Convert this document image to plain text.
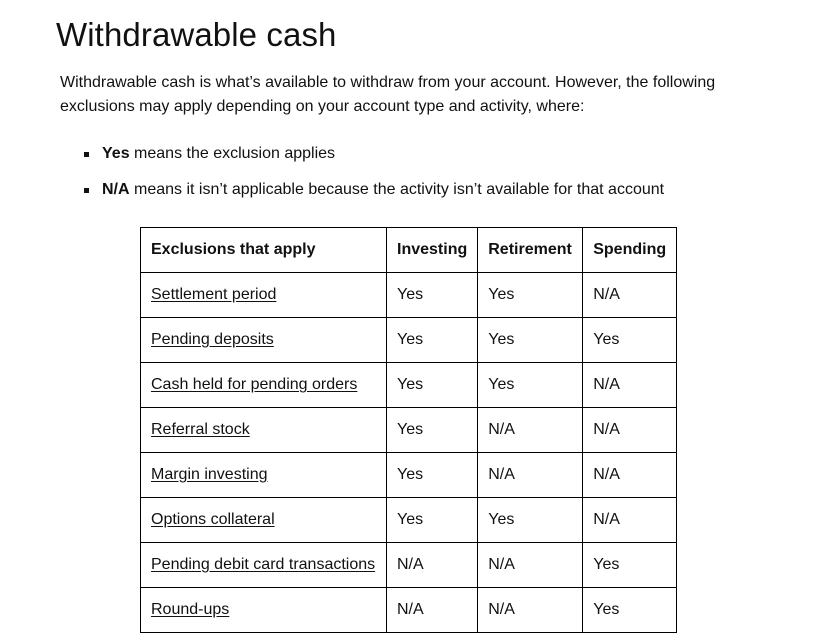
Withdrawable cash

Withdrawable cash is what’s available to withdraw from your account. However, the following exclusions may apply depending on your account type and activity, where:

Yes means the exclusion applies
N/A means it isn’t applicable because the activity isn’t available for that account
Exclusions that apply	Investing	Retirement	Spending
Settlement period	Yes	Yes	N/A
Pending deposits	Yes	Yes	Yes
Cash held for pending orders	Yes	Yes	N/A
Referral stock	Yes	N/A	N/A
Margin investing	Yes	N/A	N/A
Options collateral	Yes	Yes	N/A
Pending debit card transactions	N/A	N/A	Yes
Round-ups	N/A	N/A	Yes
